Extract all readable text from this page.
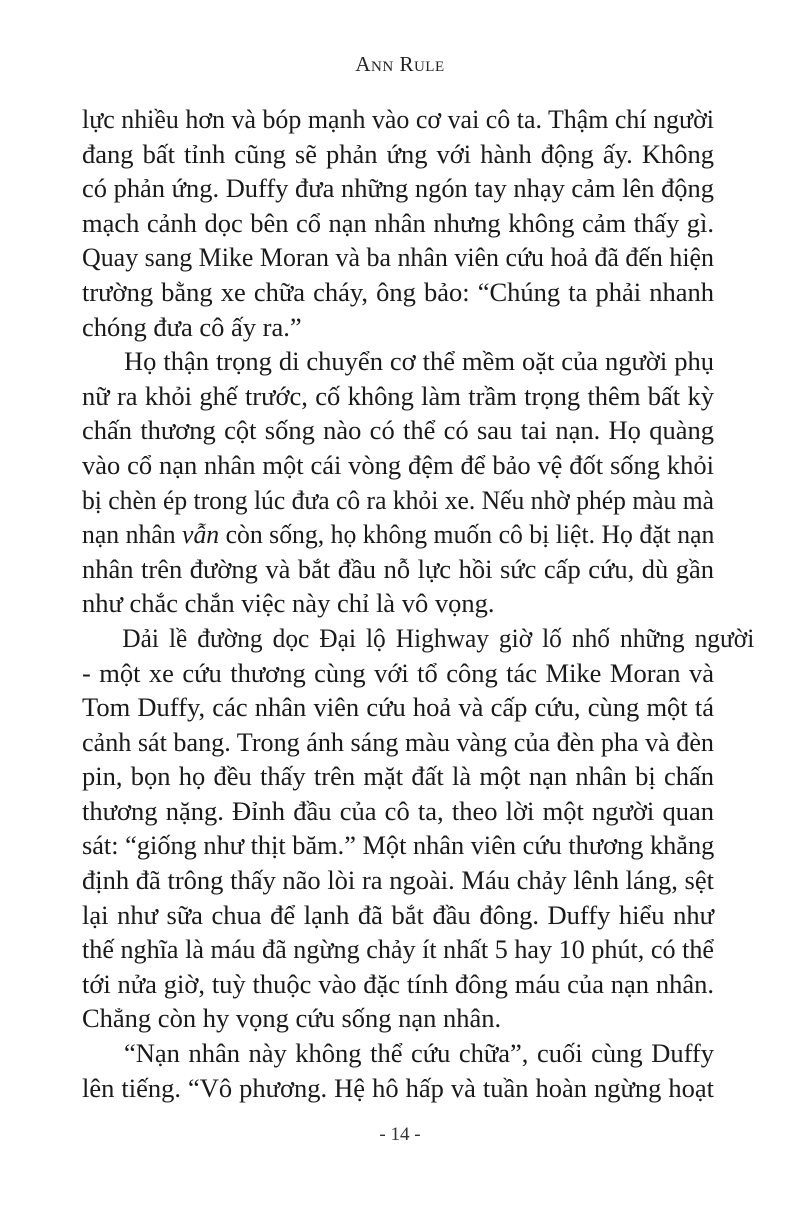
Ann Rule
lực nhiều hơn và bóp mạnh vào cơ vai cô ta. Thậm chí người
đang bất tỉnh cũng sẽ phản ứng với hành động ấy. Không
có phản ứng. Duffy đưa những ngón tay nhạy cảm lên động
mạch cảnh dọc bên cổ nạn nhân nhưng không cảm thấy gì.
Quay sang Mike Moran và ba nhân viên cứu hoả đã đến hiện
trường bằng xe chữa cháy, ông bảo: “Chúng ta phải nhanh
chóng đưa cô ấy ra.”
Họ thận trọng di chuyển cơ thể mềm oặt của người phụ
nữ ra khỏi ghế trước, cố không làm trầm trọng thêm bất kỳ
chấn thương cột sống nào có thể có sau tai nạn. Họ quàng
vào cổ nạn nhân một cái vòng đệm để bảo vệ đốt sống khỏi
bị chèn ép trong lúc đưa cô ra khỏi xe. Nếu nhờ phép màu mà
nạn nhân vẫn còn sống, họ không muốn cô bị liệt. Họ đặt nạn
nhân trên đường và bắt đầu nỗ lực hồi sức cấp cứu, dù gần
như chắc chắn việc này chỉ là vô vọng.
Dải lề đường dọc Đại lộ Highway giờ lố nhố những người
- một xe cứu thương cùng với tổ công tác Mike Moran và
Tom Duffy, các nhân viên cứu hoả và cấp cứu, cùng một tá
cảnh sát bang. Trong ánh sáng màu vàng của đèn pha và đèn
pin, bọn họ đều thấy trên mặt đất là một nạn nhân bị chấn
thương nặng. Đỉnh đầu của cô ta, theo lời một người quan
sát: “giống như thịt băm.” Một nhân viên cứu thương khẳng
định đã trông thấy não lòi ra ngoài. Máu chảy lênh láng, sệt
lại như sữa chua để lạnh đã bắt đầu đông. Duffy hiểu như
thế nghĩa là máu đã ngừng chảy ít nhất 5 hay 10 phút, có thể
tới nửa giờ, tuỳ thuộc vào đặc tính đông máu của nạn nhân.
Chẳng còn hy vọng cứu sống nạn nhân.
“Nạn nhân này không thể cứu chữa”, cuối cùng Duffy
lên tiếng. “Vô phương. Hệ hô hấp và tuần hoàn ngừng hoạt
- 14 -
